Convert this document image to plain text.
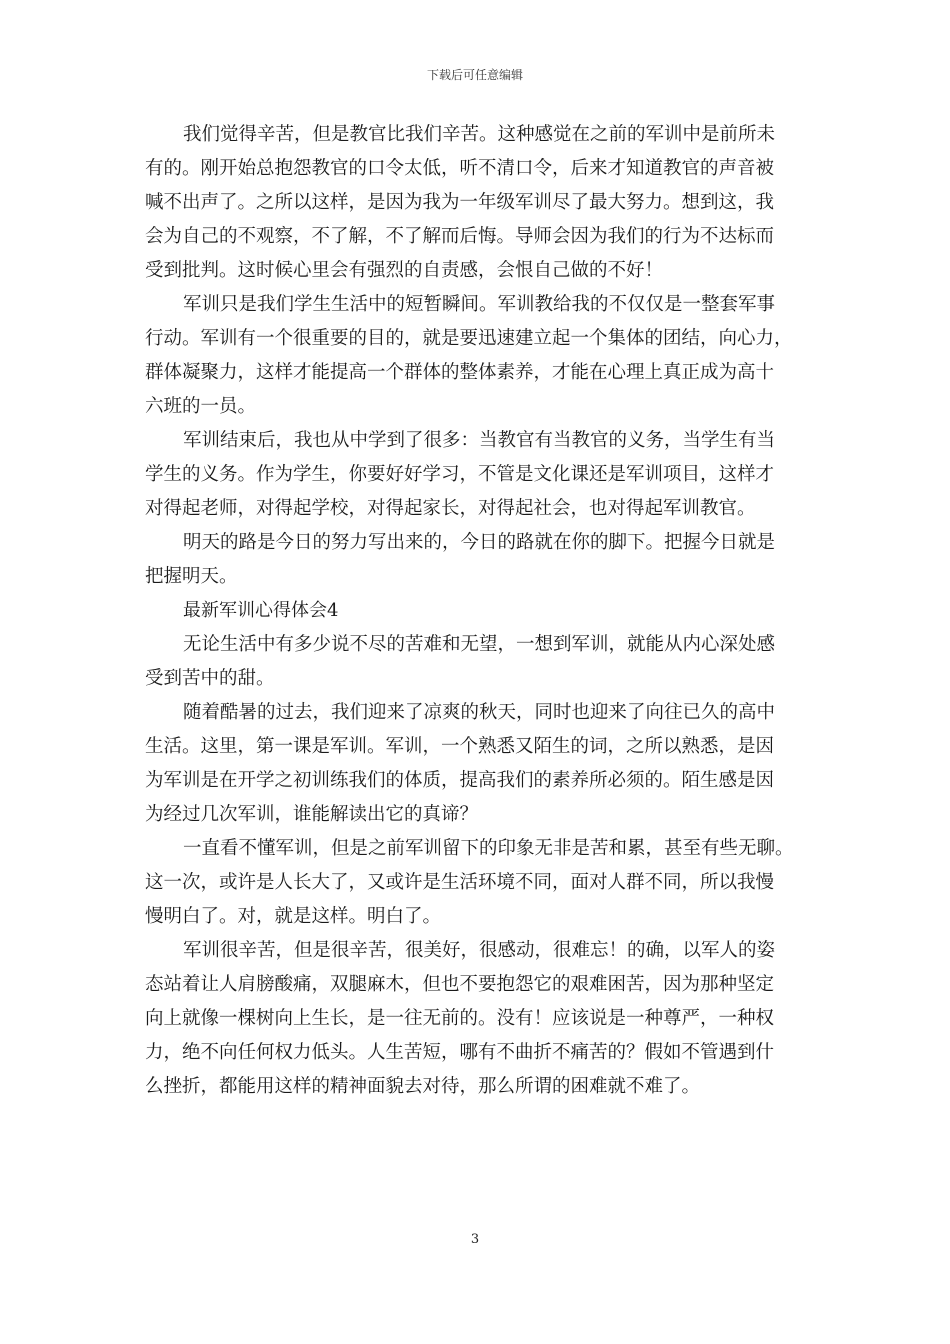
下载后可任意编辑
我们觉得辛苦，但是教官比我们辛苦。这种感觉在之前的军训中是前所未
有的。刚开始总抱怨教官的口令太低，听不清口令，后来才知道教官的声音被
喊不出声了。之所以这样，是因为我为一年级军训尽了最大努力。想到这，我
会为自己的不观察，不了解，不了解而后悔。导师会因为我们的行为不达标而
受到批判。这时候心里会有强烈的自责感，会恨自己做的不好！
军训只是我们学生生活中的短暂瞬间。军训教给我的不仅仅是一整套军事
行动。军训有一个很重要的目的，就是要迅速建立起一个集体的团结，向心力，
群体凝聚力，这样才能提高一个群体的整体素养，才能在心理上真正成为高十
六班的一员。
军训结束后，我也从中学到了很多：当教官有当教官的义务，当学生有当
学生的义务。作为学生，你要好好学习，不管是文化课还是军训项目，这样才
对得起老师，对得起学校，对得起家长，对得起社会，也对得起军训教官。
明天的路是今日的努力写出来的，今日的路就在你的脚下。把握今日就是
把握明天。
最新军训心得体会4
无论生活中有多少说不尽的苦难和无望，一想到军训，就能从内心深处感
受到苦中的甜。
随着酷暑的过去，我们迎来了凉爽的秋天，同时也迎来了向往已久的高中
生活。这里，第一课是军训。军训，一个熟悉又陌生的词，之所以熟悉，是因
为军训是在开学之初训练我们的体质，提高我们的素养所必须的。陌生感是因
为经过几次军训，谁能解读出它的真谛？
一直看不懂军训，但是之前军训留下的印象无非是苦和累，甚至有些无聊。
这一次，或许是人长大了，又或许是生活环境不同，面对人群不同，所以我慢
慢明白了。对，就是这样。明白了。
军训很辛苦，但是很辛苦，很美好，很感动，很难忘！的确，以军人的姿
态站着让人肩膀酸痛，双腿麻木，但也不要抱怨它的艰难困苦，因为那种坚定
向上就像一棵树向上生长，是一往无前的。没有！应该说是一种尊严，一种权
力，绝不向任何权力低头。人生苦短，哪有不曲折不痛苦的？假如不管遇到什
么挫折，都能用这样的精神面貌去对待，那么所谓的困难就不难了。
3
